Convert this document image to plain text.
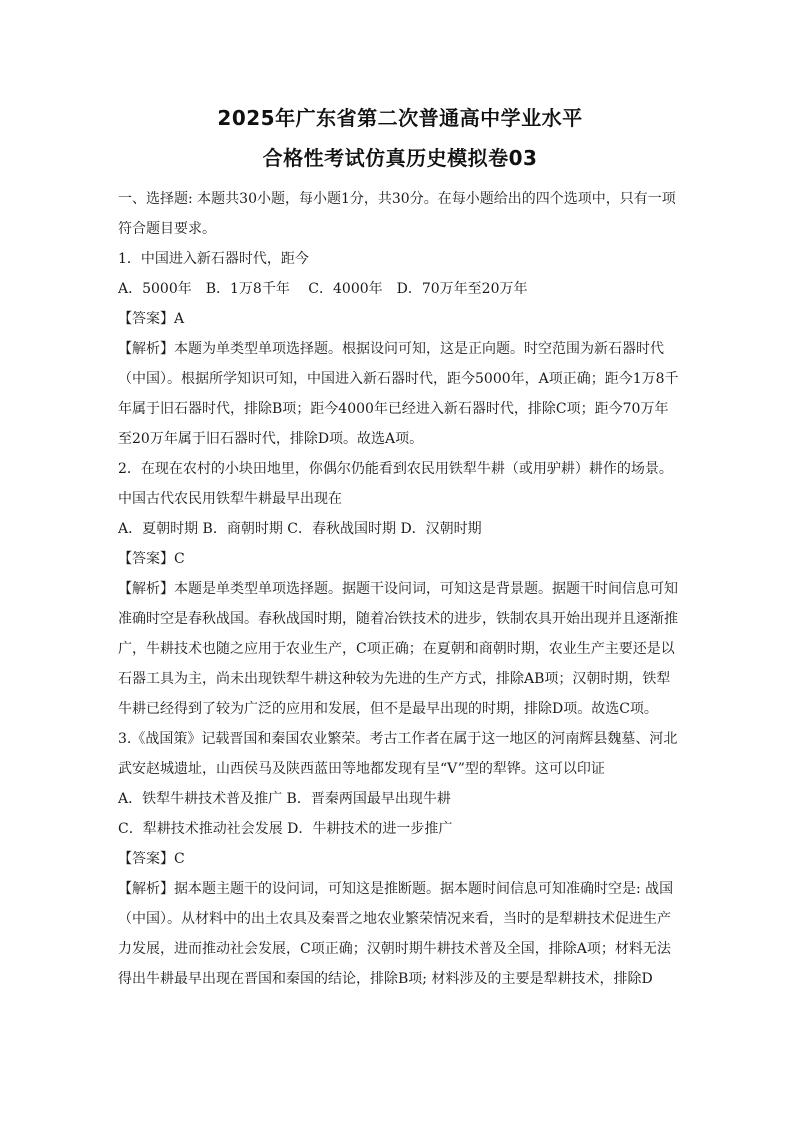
2025年广东省第二次普通高中学业水平

合格性考试仿真历史模拟卷03

一、选择题: 本题共30小题，每小题1分，共30分。在每小题给出的四个选项中，只有一项符合题目要求。

1．中国进入新石器时代，距今

A．5000年　B．1万8千年　 C．4000年　D．70万年至20万年

【答案】A

【解析】本题为单类型单项选择题。根据设问可知，这是正向题。时空范围为新石器时代（中国）。根据所学知识可知，中国进入新石器时代，距今5000年，A项正确；距今1万8千年属于旧石器时代，排除B项；距今4000年已经进入新石器时代，排除C项；距今70万年至20万年属于旧石器时代，排除D项。故选A项。

2．在现在农村的小块田地里，你偶尔仍能看到农民用铁犁牛耕（或用驴耕）耕作的场景。中国古代农民用铁犁牛耕最早出现在

A．夏朝时期 B．商朝时期 C．春秋战国时期 D．汉朝时期

【答案】C

【解析】本题是单类型单项选择题。据题干设问词，可知这是背景题。据题干时间信息可知准确时空是春秋战国。春秋战国时期，随着冶铁技术的进步，铁制农具开始出现并且逐渐推广，牛耕技术也随之应用于农业生产，C项正确；在夏朝和商朝时期，农业生产主要还是以石器工具为主，尚未出现铁犁牛耕这种较为先进的生产方式，排除AB项；汉朝时期，铁犁牛耕已经得到了较为广泛的应用和发展，但不是最早出现的时期，排除D项。故选C项。

3.《战国策》记载晋国和秦国农业繁荣。考古工作者在属于这一地区的河南辉县魏墓、河北武安赵城遗址，山西侯马及陕西蓝田等地都发现有呈“V”型的犁铧。这可以印证

A．铁犁牛耕技术普及推广 B．晋秦两国最早出现牛耕

C．犁耕技术推动社会发展 D．牛耕技术的进一步推广

【答案】C

【解析】据本题主题干的设问词，可知这是推断题。据本题时间信息可知准确时空是: 战国（中国）。从材料中的出土农具及秦晋之地农业繁荣情况来看，当时的是犁耕技术促进生产力发展，进而推动社会发展，C项正确；汉朝时期牛耕技术普及全国，排除A项；材料无法得出牛耕最早出现在晋国和秦国的结论，排除B项; 材料涉及的主要是犁耕技术，排除D
